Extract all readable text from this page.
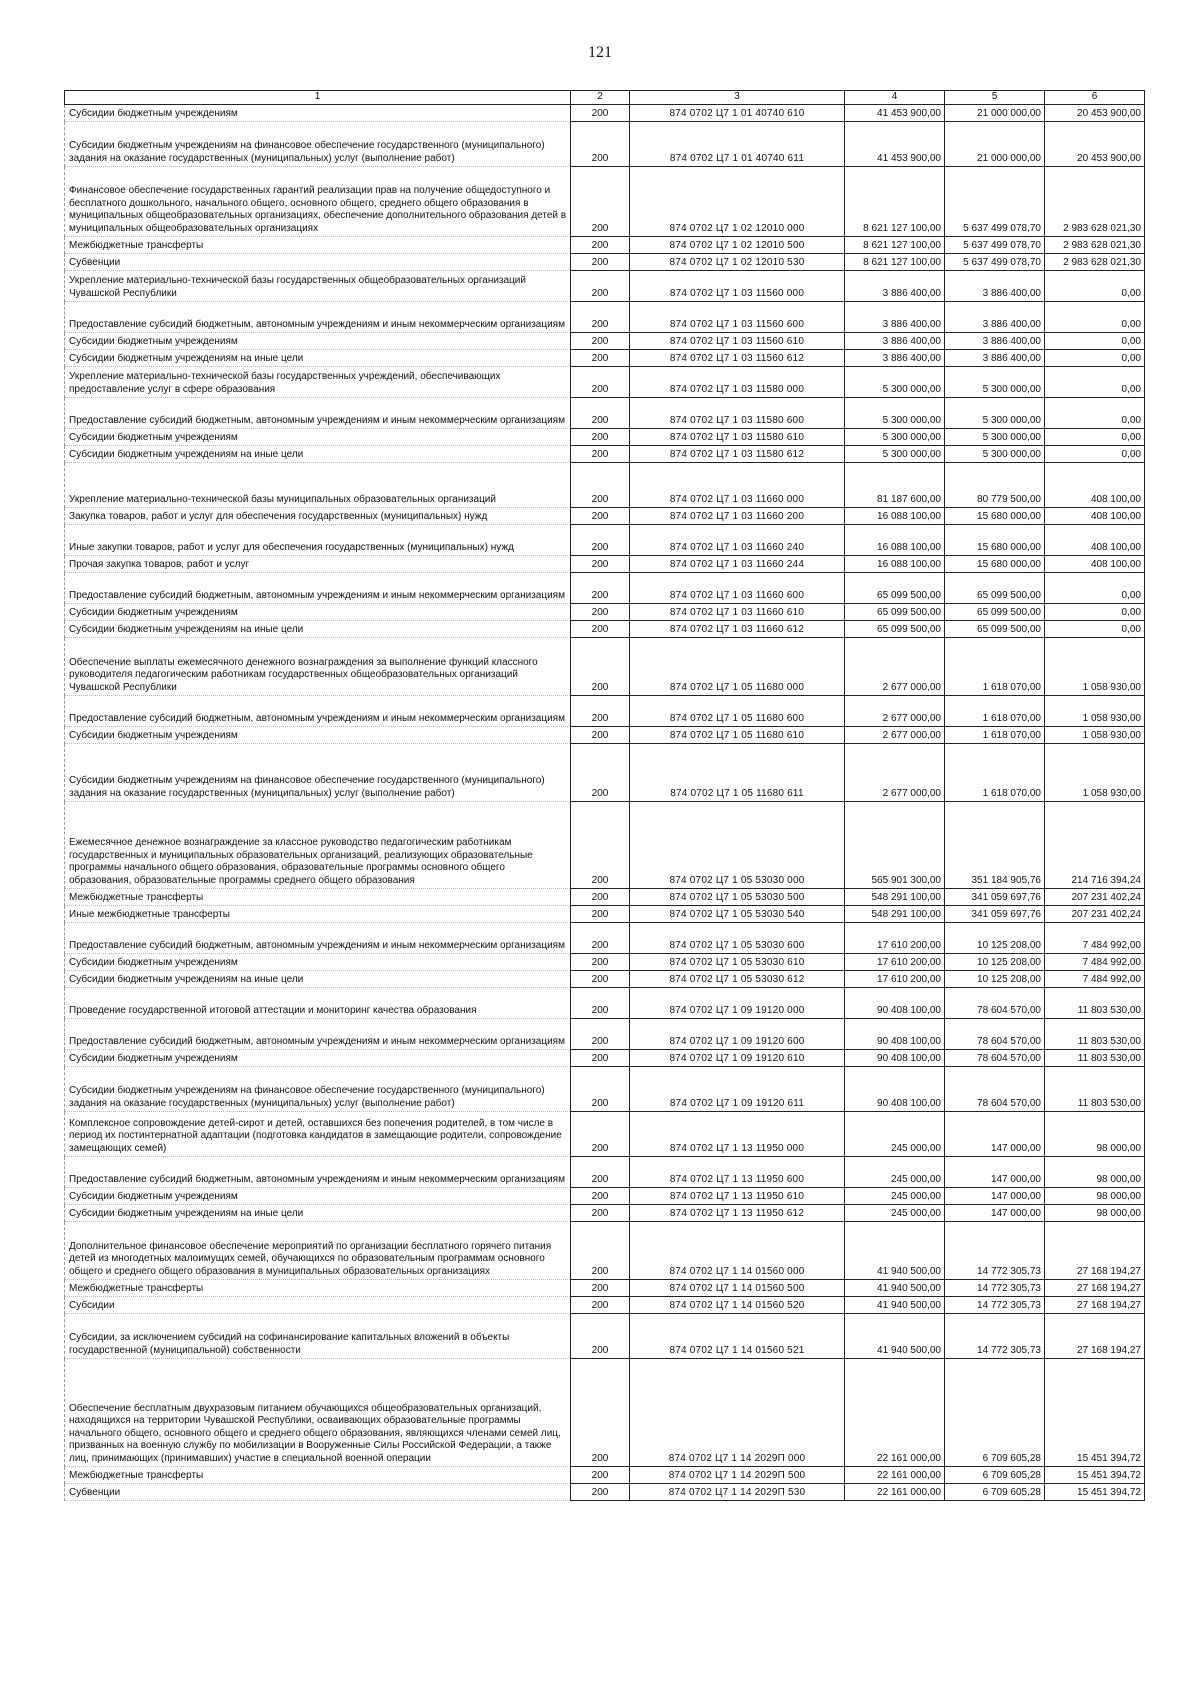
121
1	2	3	4	5	6
Субсидии бюджетным учреждениям	200	874 0702 Ц7 1 01 40740 610	41 453 900,00	21 000 000,00	20 453 900,00
Субсидии бюджетным учреждениям на финансовое обеспечение государственного (муниципального) задания на оказание государственных (муниципальных) услуг (выполнение работ)	200	874 0702 Ц7 1 01 40740 611	41 453 900,00	21 000 000,00	20 453 900,00
Финансовое обеспечение государственных гарантий реализации прав на получение общедоступного и бесплатного дошкольного, начального общего, основного общего, среднего общего образования в муниципальных общеобразовательных организациях, обеспечение дополнительного образования детей в муниципальных общеобразовательных организациях	200	874 0702 Ц7 1 02 12010 000	8 621 127 100,00	5 637 499 078,70	2 983 628 021,30
Межбюджетные трансферты	200	874 0702 Ц7 1 02 12010 500	8 621 127 100,00	5 637 499 078,70	2 983 628 021,30
Субвенции	200	874 0702 Ц7 1 02 12010 530	8 621 127 100,00	5 637 499 078,70	2 983 628 021,30
Укрепление материально-технической базы государственных общеобразовательных организаций Чувашской Республики	200	874 0702 Ц7 1 03 11560 000	3 886 400,00	3 886 400,00	0,00
Предоставление субсидий бюджетным, автономным учреждениям и иным некоммерческим организациям	200	874 0702 Ц7 1 03 11560 600	3 886 400,00	3 886 400,00	0,00
Субсидии бюджетным учреждениям	200	874 0702 Ц7 1 03 11560 610	3 886 400,00	3 886 400,00	0,00
Субсидии бюджетным учреждениям на иные цели	200	874 0702 Ц7 1 03 11560 612	3 886 400,00	3 886 400,00	0,00
Укрепление материально-технической базы государственных учреждений, обеспечивающих предоставление услуг в сфере образования	200	874 0702 Ц7 1 03 11580 000	5 300 000,00	5 300 000,00	0,00
Предоставление субсидий бюджетным, автономным учреждениям и иным некоммерческим организациям	200	874 0702 Ц7 1 03 11580 600	5 300 000,00	5 300 000,00	0,00
Субсидии бюджетным учреждениям	200	874 0702 Ц7 1 03 11580 610	5 300 000,00	5 300 000,00	0,00
Субсидии бюджетным учреждениям на иные цели	200	874 0702 Ц7 1 03 11580 612	5 300 000,00	5 300 000,00	0,00
Укрепление материально-технической базы муниципальных образовательных организаций	200	874 0702 Ц7 1 03 11660 000	81 187 600,00	80 779 500,00	408 100,00
Закупка товаров, работ и услуг для обеспечения государственных (муниципальных) нужд	200	874 0702 Ц7 1 03 11660 200	16 088 100,00	15 680 000,00	408 100,00
Иные закупки товаров, работ и услуг для обеспечения государственных (муниципальных) нужд	200	874 0702 Ц7 1 03 11660 240	16 088 100,00	15 680 000,00	408 100,00
Прочая закупка товаров, работ и услуг	200	874 0702 Ц7 1 03 11660 244	16 088 100,00	15 680 000,00	408 100,00
Предоставление субсидий бюджетным, автономным учреждениям и иным некоммерческим организациям	200	874 0702 Ц7 1 03 11660 600	65 099 500,00	65 099 500,00	0,00
Субсидии бюджетным учреждениям	200	874 0702 Ц7 1 03 11660 610	65 099 500,00	65 099 500,00	0,00
Субсидии бюджетным учреждениям на иные цели	200	874 0702 Ц7 1 03 11660 612	65 099 500,00	65 099 500,00	0,00
Обеспечение выплаты ежемесячного денежного вознаграждения за выполнение функций классного руководителя педагогическим работникам государственных общеобразовательных организаций Чувашской Республики	200	874 0702 Ц7 1 05 11680 000	2 677 000,00	1 618 070,00	1 058 930,00
Предоставление субсидий бюджетным, автономным учреждениям и иным некоммерческим организациям	200	874 0702 Ц7 1 05 11680 600	2 677 000,00	1 618 070,00	1 058 930,00
Субсидии бюджетным учреждениям	200	874 0702 Ц7 1 05 11680 610	2 677 000,00	1 618 070,00	1 058 930,00
Субсидии бюджетным учреждениям на финансовое обеспечение государственного (муниципального) задания на оказание государственных (муниципальных) услуг (выполнение работ)	200	874 0702 Ц7 1 05 11680 611	2 677 000,00	1 618 070,00	1 058 930,00
Ежемесячное денежное вознаграждение за классное руководство педагогическим работникам государственных и муниципальных образовательных организаций, реализующих образовательные программы начального общего образования, образовательные программы основного общего образования, образовательные программы среднего общего образования	200	874 0702 Ц7 1 05 53030 000	565 901 300,00	351 184 905,76	214 716 394,24
Межбюджетные трансферты	200	874 0702 Ц7 1 05 53030 500	548 291 100,00	341 059 697,76	207 231 402,24
Иные межбюджетные трансферты	200	874 0702 Ц7 1 05 53030 540	548 291 100,00	341 059 697,76	207 231 402,24
Предоставление субсидий бюджетным, автономным учреждениям и иным некоммерческим организациям	200	874 0702 Ц7 1 05 53030 600	17 610 200,00	10 125 208,00	7 484 992,00
Субсидии бюджетным учреждениям	200	874 0702 Ц7 1 05 53030 610	17 610 200,00	10 125 208,00	7 484 992,00
Субсидии бюджетным учреждениям на иные цели	200	874 0702 Ц7 1 05 53030 612	17 610 200,00	10 125 208,00	7 484 992,00
Проведение государственной итоговой аттестации и мониторинг качества образования	200	874 0702 Ц7 1 09 19120 000	90 408 100,00	78 604 570,00	11 803 530,00
Предоставление субсидий бюджетным, автономным учреждениям и иным некоммерческим организациям	200	874 0702 Ц7 1 09 19120 600	90 408 100,00	78 604 570,00	11 803 530,00
Субсидии бюджетным учреждениям	200	874 0702 Ц7 1 09 19120 610	90 408 100,00	78 604 570,00	11 803 530,00
Субсидии бюджетным учреждениям на финансовое обеспечение государственного (муниципального) задания на оказание государственных (муниципальных) услуг (выполнение работ)	200	874 0702 Ц7 1 09 19120 611	90 408 100,00	78 604 570,00	11 803 530,00
Комплексное сопровождение детей-сирот и детей, оставшихся без попечения родителей, в том числе в период их постинтернатной адаптации (подготовка кандидатов в замещающие родители, сопровождение замещающих семей)	200	874 0702 Ц7 1 13 11950 000	245 000,00	147 000,00	98 000,00
Предоставление субсидий бюджетным, автономным учреждениям и иным некоммерческим организациям	200	874 0702 Ц7 1 13 11950 600	245 000,00	147 000,00	98 000,00
Субсидии бюджетным учреждениям	200	874 0702 Ц7 1 13 11950 610	245 000,00	147 000,00	98 000,00
Субсидии бюджетным учреждениям на иные цели	200	874 0702 Ц7 1 13 11950 612	245 000,00	147 000,00	98 000,00
Дополнительное финансовое обеспечение мероприятий по организации бесплатного горячего питания детей из многодетных малоимущих семей, обучающихся по образовательным программам основного общего и среднего общего образования в муниципальных образовательных организациях	200	874 0702 Ц7 1 14 01560 000	41 940 500,00	14 772 305,73	27 168 194,27
Межбюджетные трансферты	200	874 0702 Ц7 1 14 01560 500	41 940 500,00	14 772 305,73	27 168 194,27
Субсидии	200	874 0702 Ц7 1 14 01560 520	41 940 500,00	14 772 305,73	27 168 194,27
Субсидии, за исключением субсидий на софинансирование капитальных вложений в объекты государственной (муниципальной) собственности	200	874 0702 Ц7 1 14 01560 521	41 940 500,00	14 772 305,73	27 168 194,27
Обеспечение бесплатным двухразовым питанием обучающихся общеобразовательных организаций, находящихся на территории Чувашской Республики, осваивающих образовательные программы начального общего, основного общего и среднего общего образования, являющихся членами семей лиц, призванных на военную службу по мобилизации в Вооруженные Силы Российской Федерации, а также лиц, принимающих (принимавших) участие в специальной военной операции	200	874 0702 Ц7 1 14 2029П 000	22 161 000,00	6 709 605,28	15 451 394,72
Межбюджетные трансферты	200	874 0702 Ц7 1 14 2029П 500	22 161 000,00	6 709 605,28	15 451 394,72
Субвенции	200	874 0702 Ц7 1 14 2029П 530	22 161 000,00	6 709 605,28	15 451 394,72
